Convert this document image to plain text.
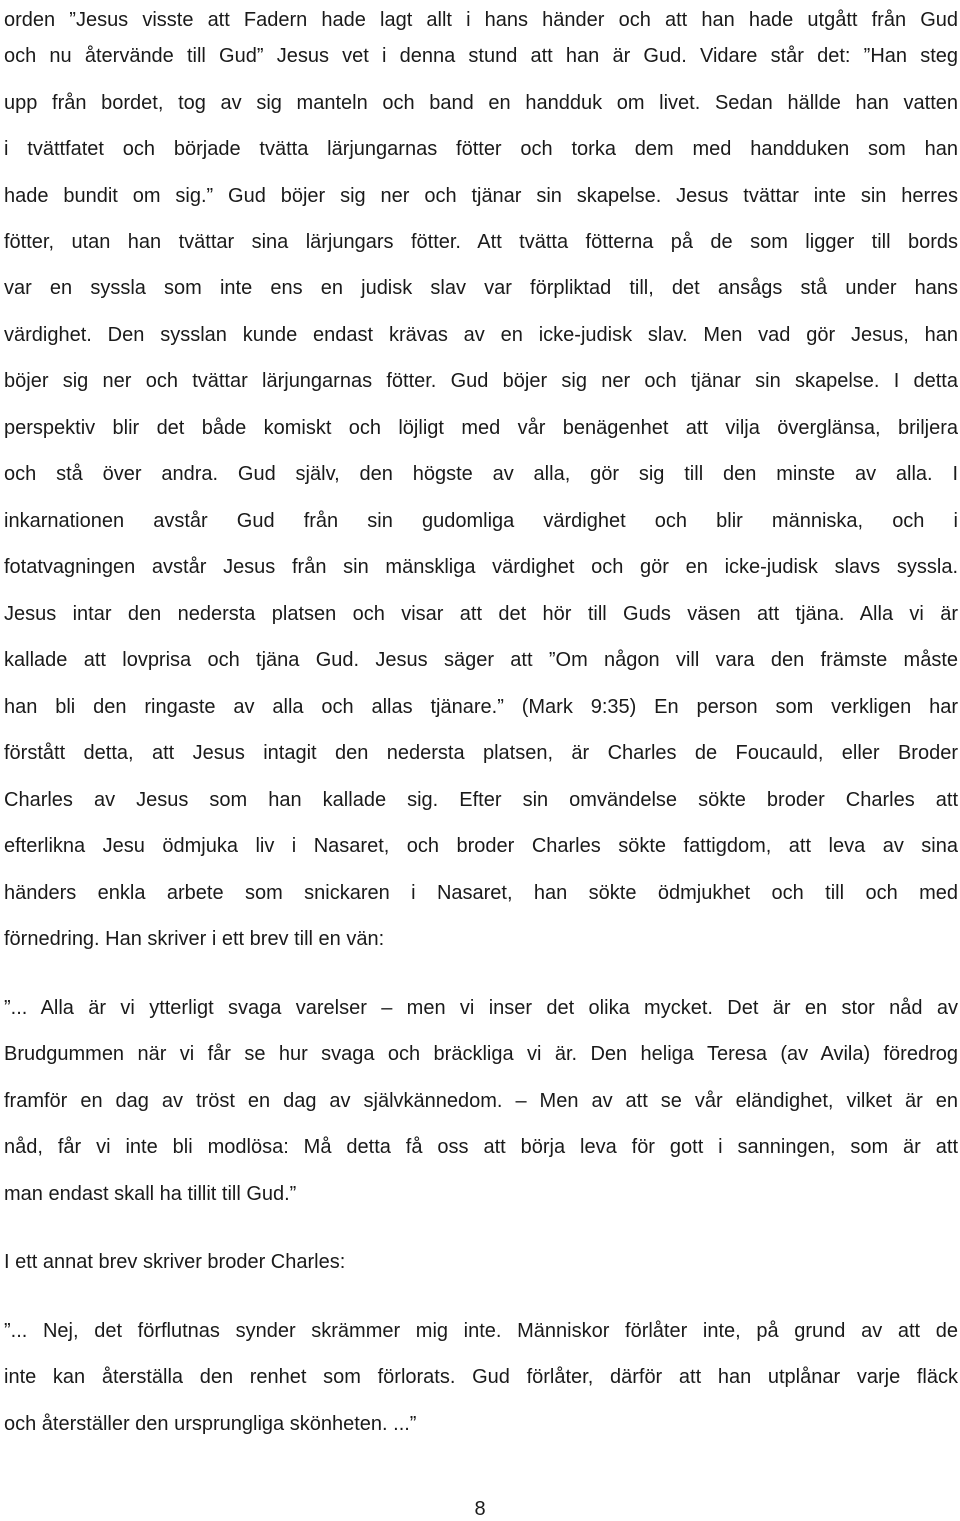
orden ”Jesus visste att Fadern hade lagt allt i hans händer och att han hade utgått från Gud
och nu återvände till Gud” Jesus vet i denna stund att han är Gud. Vidare står det: ”Han steg
upp från bordet, tog av sig manteln och band en handduk om livet. Sedan hällde han vatten
i tvättfatet och började tvätta lärjungarnas fötter och torka dem med handduken som han
hade bundit om sig.” Gud böjer sig ner och tjänar sin skapelse. Jesus tvättar inte sin herres
fötter, utan han tvättar sina lärjungars fötter. Att tvätta fötterna på de som ligger till bords
var en syssla som inte ens en judisk slav var förpliktad till, det ansågs stå under hans
värdighet. Den sysslan kunde endast krävas av en icke-judisk slav. Men vad gör Jesus, han
böjer sig ner och tvättar lärjungarnas fötter. Gud böjer sig ner och tjänar sin skapelse. I detta
perspektiv blir det både komiskt och löjligt med vår benägenhet att vilja överglänsa, briljera
och stå över andra. Gud själv, den högste av alla, gör sig till den minste av alla. I
inkarnationen avstår Gud från sin gudomliga värdighet och blir människa, och i
fotatvagningen avstår Jesus från sin mänskliga värdighet och gör en icke-judisk slavs syssla.
Jesus intar den nedersta platsen och visar att det hör till Guds väsen att tjäna. Alla vi är
kallade att lovprisa och tjäna Gud. Jesus säger att ”Om någon vill vara den främste måste
han bli den ringaste av alla och allas tjänare.” (Mark 9:35) En person som verkligen har
förstått detta, att Jesus intagit den nedersta platsen, är Charles de Foucauld, eller Broder
Charles av Jesus som han kallade sig. Efter sin omvändelse sökte broder Charles att
efterlikna Jesu ödmjuka liv i Nasaret, och broder Charles sökte fattigdom, att leva av sina
händers enkla arbete som snickaren i Nasaret, han sökte ödmjukhet och till och med
förnedring. Han skriver i ett brev till en vän:
”... Alla är vi ytterligt svaga varelser – men vi inser det olika mycket. Det är en stor nåd av
Brudgummen när vi får se hur svaga och bräckliga vi är. Den heliga Teresa (av Avila) föredrog
framför en dag av tröst en dag av självkännedom. – Men av att se vår eländighet, vilket är en
nåd, får vi inte bli modlösa: Må detta få oss att börja leva för gott i sanningen, som är att
man endast skall ha tillit till Gud.”
I ett annat brev skriver broder Charles:
”... Nej, det förflutnas synder skrämmer mig inte. Människor förlåter inte, på grund av att de
inte kan återställa den renhet som förlorats. Gud förlåter, därför att han utplånar varje fläck
och återställer den ursprungliga skönheten. ...”
8
